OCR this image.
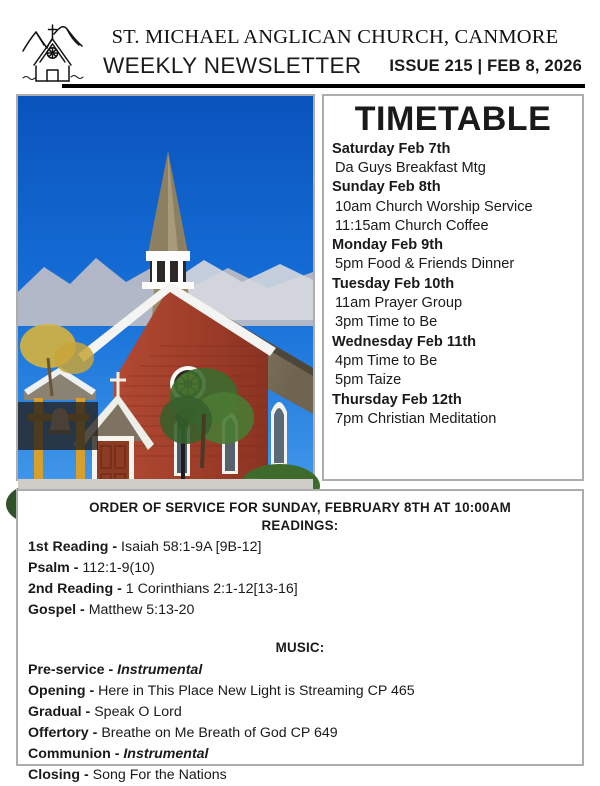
ST. MICHAEL ANGLICAN CHURCH, CANMORE
WEEKLY NEWSLETTER ISSUE 215 | FEB 8, 2026
TIMETABLE
Saturday Feb 7th
Da Guys Breakfast Mtg
Sunday Feb 8th
10am Church Worship Service
11:15am Church Coffee
Monday Feb 9th
5pm Food & Friends Dinner
Tuesday Feb 10th
11am Prayer Group
3pm Time to Be
Wednesday Feb 11th
4pm Time to Be
5pm Taize
Thursday Feb 12th
7pm Christian Meditation
ORDER OF SERVICE FOR SUNDAY, FEBRUARY 8TH AT 10:00AM
READINGS:
1st Reading - Isaiah 58:1-9A [9B-12]
Psalm - 112:1-9(10)
2nd Reading - 1 Corinthians 2:1-12[13-16]
Gospel - Matthew 5:13-20
MUSIC:
Pre-service - Instrumental
Opening - Here in This Place New Light is Streaming CP 465
Gradual - Speak O Lord
Offertory - Breathe on Me Breath of God CP 649
Communion - Instrumental
Closing - Song For the Nations
